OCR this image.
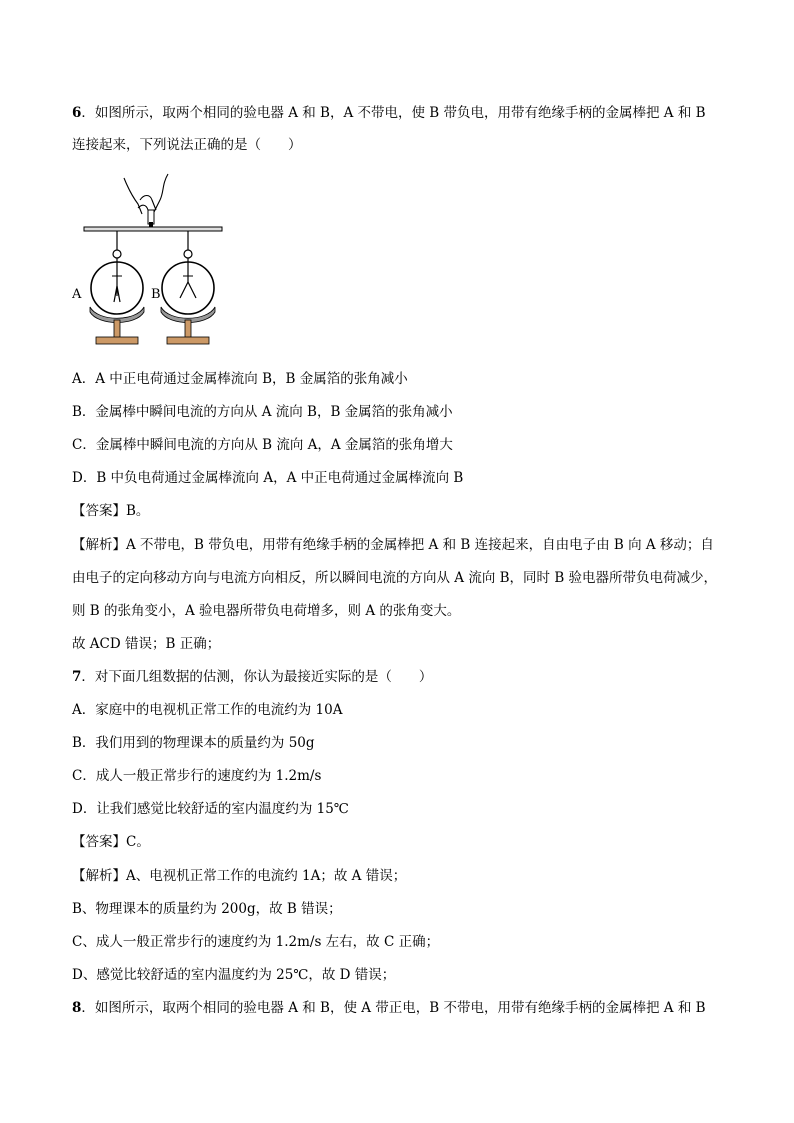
6．如图所示，取两个相同的验电器 A 和 B，A 不带电，使 B 带负电，用带有绝缘手柄的金属棒把 A 和 B
连接起来，下列说法正确的是（　　）
A	B
A．A 中正电荷通过金属棒流向 B，B 金属箔的张角减小
B．金属棒中瞬间电流的方向从 A 流向 B，B 金属箔的张角减小
C．金属棒中瞬间电流的方向从 B 流向 A，A 金属箔的张角增大
D．B 中负电荷通过金属棒流向 A，A 中正电荷通过金属棒流向 B
【答案】B。
【解析】A 不带电，B 带负电，用带有绝缘手柄的金属棒把 A 和 B 连接起来，自由电子由 B 向 A 移动；自
由电子的定向移动方向与电流方向相反，所以瞬间电流的方向从 A 流向 B，同时 B 验电器所带负电荷减少，
则 B 的张角变小，A 验电器所带负电荷增多，则 A 的张角变大。
故 ACD 错误；B 正确；
7．对下面几组数据的估测，你认为最接近实际的是（　　）
A．家庭中的电视机正常工作的电流约为 10A
B．我们用到的物理课本的质量约为 50g
C．成人一般正常步行的速度约为 1.2m/s
D．让我们感觉比较舒适的室内温度约为 15℃
【答案】C。
【解析】A、电视机正常工作的电流约 1A；故 A 错误；
B、物理课本的质量约为 200g，故 B 错误；
C、成人一般正常步行的速度约为 1.2m/s 左右，故 C 正确；
D、感觉比较舒适的室内温度约为 25℃，故 D 错误；
8．如图所示，取两个相同的验电器 A 和 B，使 A 带正电，B 不带电，用带有绝缘手柄的金属棒把 A 和 B
